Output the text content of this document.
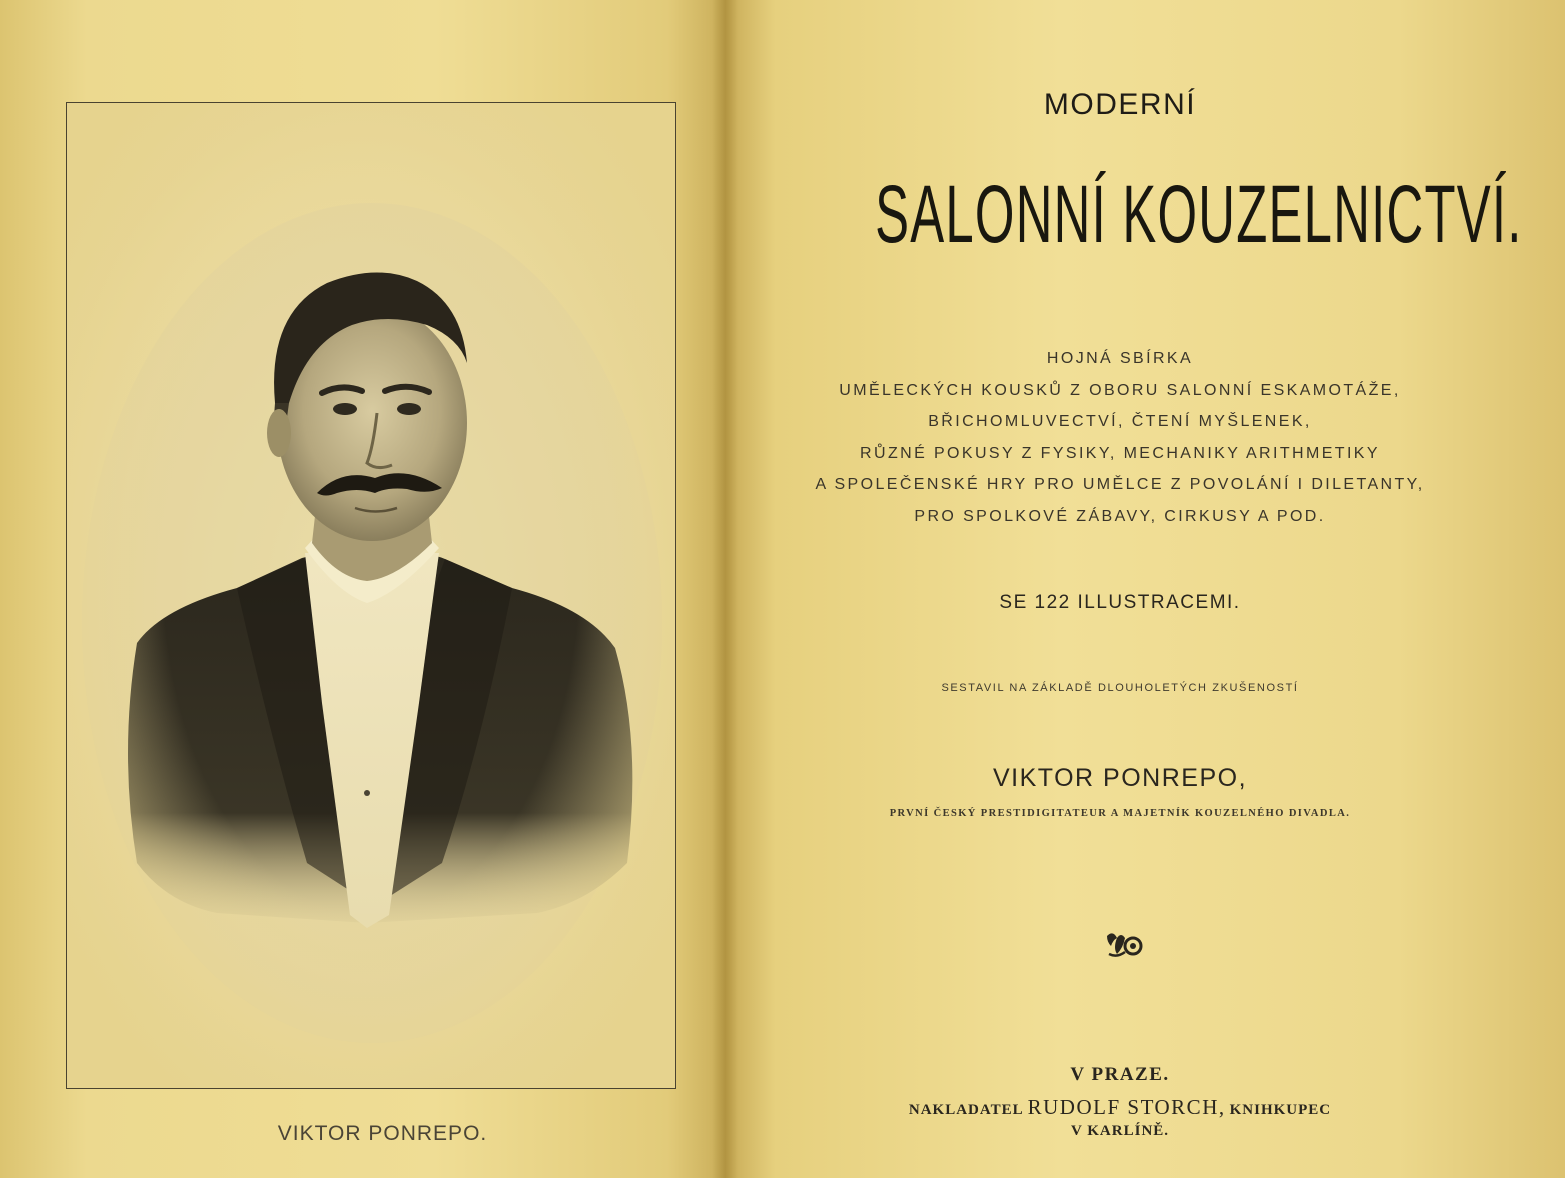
VIKTOR PONREPO.
MODERNÍ
SALONNÍ KOUZELNICTVÍ.
HOJNÁ SBÍRKA
UMĚLECKÝCH KOUSKŮ Z OBORU SALONNÍ ESKAMOTÁŽE,
BŘICHOMLUVECTVÍ, ČTENÍ MYŠLENEK,
RŮZNÉ POKUSY Z FYSIKY, MECHANIKY ARITHMETIKY
A SPOLEČENSKÉ HRY PRO UMĚLCE Z POVOLÁNÍ I DILETANTY,
PRO SPOLKOVÉ ZÁBAVY, CIRKUSY A POD.
SE 122 ILLUSTRACEMI.
SESTAVIL NA ZÁKLADĚ DLOUHOLETÝCH ZKUŠENOSTÍ
VIKTOR PONREPO,
PRVNÍ ČESKÝ PRESTIDIGITATEUR A MAJETNÍK KOUZELNÉHO DIVADLA.
V PRAZE.
NAKLADATEL RUDOLF STORCH, KNIHKUPEC
V KARLÍNĚ.
